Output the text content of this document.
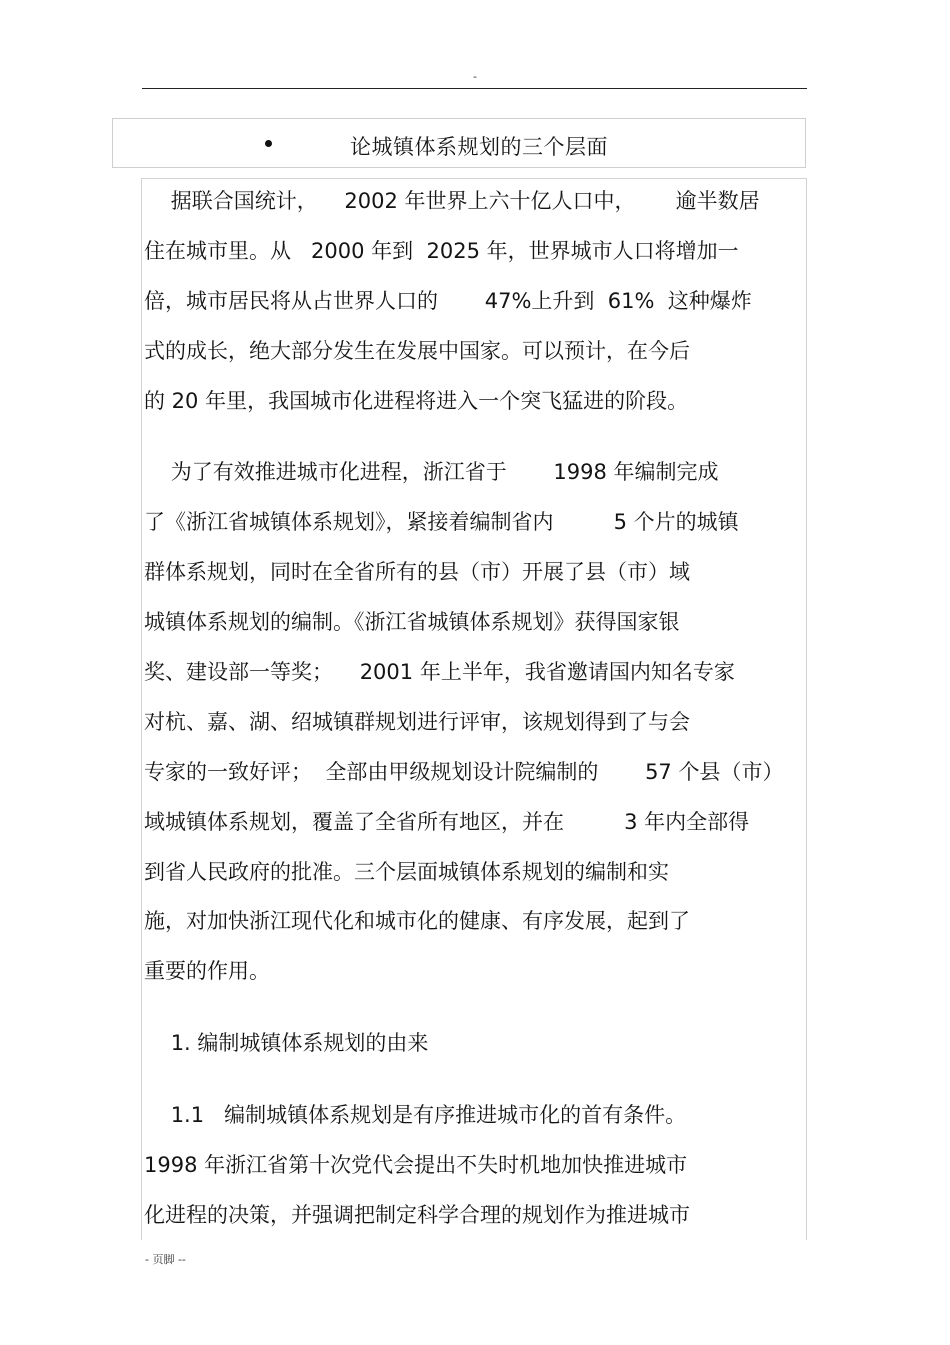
-
论城镇体系规划的三个层面
据联合国统计，    2002 年世界上六十亿人口中，      逾半数居
住在城市里。从   2000 年到  2025 年，世界城市人口将增加一
倍，城市居民将从占世界人口的       47%上升到  61%  这种爆炸
式的成长，绝大部分发生在发展中国家。可以预计，在今后
的 20 年里，我国城市化进程将进入一个突飞猛进的阶段。
为了有效推进城市化进程，浙江省于       1998 年编制完成
了《浙江省城镇体系规划》，紧接着编制省内         5 个片的城镇
群体系规划，同时在全省所有的县（市）开展了县（市）域
城镇体系规划的编制。《浙江省城镇体系规划》获得国家银
奖、建设部一等奖；    2001 年上半年，我省邀请国内知名专家
对杭、嘉、湖、绍城镇群规划进行评审，该规划得到了与会
专家的一致好评；  全部由甲级规划设计院编制的       57 个县（市）
域城镇体系规划，覆盖了全省所有地区，并在         3 年内全部得
到省人民政府的批准。三个层面城镇体系规划的编制和实
施，对加快浙江现代化和城市化的健康、有序发展，起到了
重要的作用。
1. 编制城镇体系规划的由来
1.1   编制城镇体系规划是有序推进城市化的首有条件。
1998 年浙江省第十次党代会提出不失时机地加快推进城市
化进程的决策，并强调把制定科学合理的规划作为推进城市
- 页脚 --
